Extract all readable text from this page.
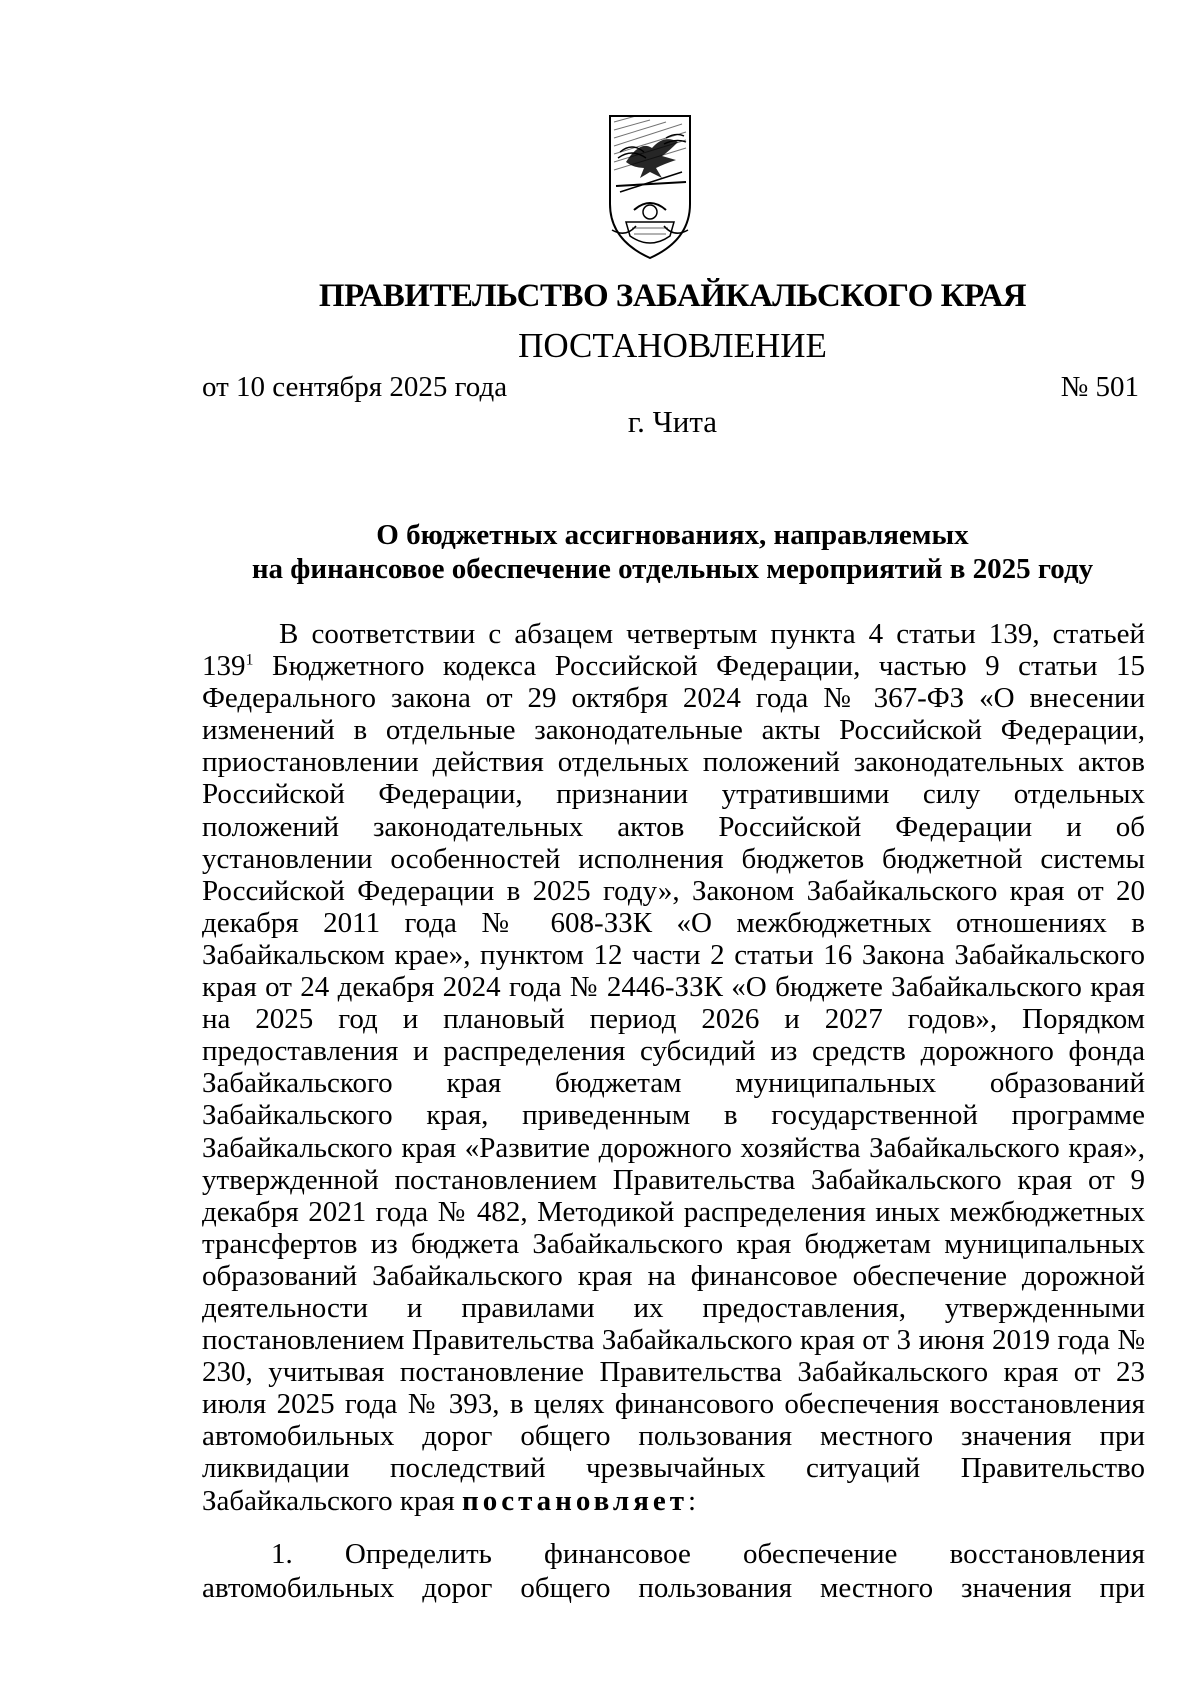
ПРАВИТЕЛЬСТВО ЗАБАЙКАЛЬСКОГО КРАЯ
ПОСТАНОВЛЕНИЕ
от 10 сентября 2025 года	№ 501
г. Чита
О бюджетных ассигнованиях, направляемых
на финансовое обеспечение отдельных мероприятий в 2025 году

В соответствии с абзацем четвертым пункта 4 статьи 139, статьей $139^1$ Бюджетного кодекса Российской Федерации, частью 9 статьи 15 Федерального закона от 29 октября 2024 года № 367-ФЗ «О внесении изменений в отдельные законодательные акты Российской Федерации, приостановлении действия отдельных положений законодательных актов Российской Федерации, признании утратившими силу отдельных положений законодательных актов Российской Федерации и об установлении особенностей исполнения бюджетов бюджетной системы Российской Федерации в 2025 году», Законом Забайкальского края от 20 декабря 2011 года № 608-ЗЗК «О межбюджетных отношениях в Забайкальском крае», пунктом 12 части 2 статьи 16 Закона Забайкальского края от 24 декабря 2024 года № 2446-ЗЗК «О бюджете Забайкальского края на 2025 год и плановый период 2026 и 2027 годов», Порядком предоставления и распределения субсидий из средств дорожного фонда Забайкальского края бюджетам муниципальных образований Забайкальского края, приведенным в государственной программе Забайкальского края «Развитие дорожного хозяйства Забайкальского края», утвержденной постановлением Правительства Забайкальского края от 9 декабря 2021 года № 482, Методикой распределения иных межбюджетных трансфертов из бюджета Забайкальского края бюджетам муниципальных образований Забайкальского края на финансовое обеспечение дорожной деятельности и правилами их предоставления, утвержденными постановлением Правительства Забайкальского края от 3 июня 2019 года № 230, учитывая постановление Правительства Забайкальского края от 23 июля 2025 года № 393, в целях финансового обеспечения восстановления автомобильных дорог общего пользования местного значения при ликвидации последствий чрезвычайных ситуаций Правительство Забайкальского края постановляет:

1. Определить финансовое обеспечение восстановления
автомобильных дорог общего пользования местного значения при
